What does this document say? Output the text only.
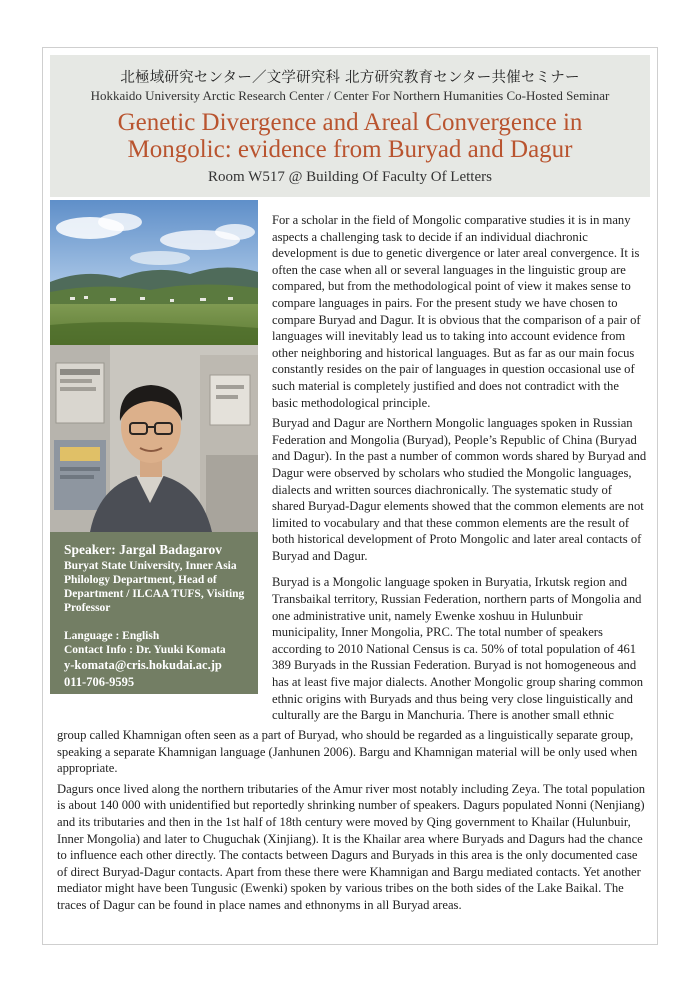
北極域研究センター／文学研究科 北方研究教育センター共催セミナー
Hokkaido University Arctic Research Center / Center For Northern Humanities Co-Hosted Seminar
Genetic Divergence and Areal Convergence in
Mongolic: evidence from Buryad and Dagur
Room W517 @ Building Of Faculty Of Letters
Speaker: Jargal Badagarov
Buryat State University, Inner Asia Philology Department, Head of Department / ILCAA TUFS, Visiting Professor
Language : English
Contact Info : Dr. Yuuki Komata
y-komata@cris.hokudai.ac.jp
011-706-9595

For a scholar in the field of Mongolic comparative studies it is in many aspects a challenging task to decide if an individual diachronic development is due to genetic divergence or later areal convergence. It is often the case when all or several languages in the linguistic group are compared, but from the methodological point of view it makes sense to compare languages in pairs. For the present study we have chosen to compare Buryad and Dagur. It is obvious that the comparison of a pair of languages will inevitably lead us to taking into account evidence from other neighboring and historical languages. But as far as our main focus constantly resides on the pair of languages in question occasional use of such material is completely justified and does not contradict with the basic methodological principle.

Buryad and Dagur are Northern Mongolic languages spoken in Russian Federation and Mongolia (Buryad), People’s Republic of China (Buryad and Dagur). In the past a number of common words shared by Buryad and Dagur were observed by scholars who studied the Mongolic languages, dialects and written sources diachronically. The systematic study of shared Buryad-Dagur elements showed that the common elements are not limited to vocabulary and that these common elements are the result of both historical development of Proto Mongolic and later areal contacts of Buryad and Dagur.

Buryad is a Mongolic language spoken in Buryatia, Irkutsk region and Transbaikal territory, Russian Federation, northern parts of Mongolia and one administrative unit, namely Ewenke xoshuu in Hulunbuir municipality, Inner Mongolia, PRC. The total number of speakers according to 2010 National Census is ca. 50% of total population of 461 389 Buryads in the Russian Federation. Buryad is not homogeneous and has at least five major dialects. Another Mongolic group sharing common ethnic origins with Buryads and thus being very close linguistically and culturally are the Bargu in Manchuria. There is another small ethnic

group called Khamnigan often seen as a part of Buryad, who should be regarded as a linguistically separate group, speaking a separate Khamnigan language (Janhunen 2006). Bargu and Khamnigan material will be only used when appropriate.

Dagurs once lived along the northern tributaries of the Amur river most notably including Zeya. The total population is about 140 000 with unidentified but reportedly shrinking number of speakers. Dagurs populated Nonni (Nenjiang) and its tributaries and then in the 1st half of 18th century were moved by Qing government to Khailar (Hulunbuir, Inner Mongolia) and later to Chuguchak (Xinjiang). It is the Khailar area where Buryads and Dagurs had the chance to influence each other directly. The contacts between Dagurs and Buryads in this area is the only documented case of direct Buryad-Dagur contacts. Apart from these there were Khamnigan and Bargu mediated contacts. Yet another mediator might have been Tungusic (Ewenki) spoken by various tribes on the both sides of the Lake Baikal. The traces of Dagur can be found in place names and ethnonyms in all Buryad areas.
